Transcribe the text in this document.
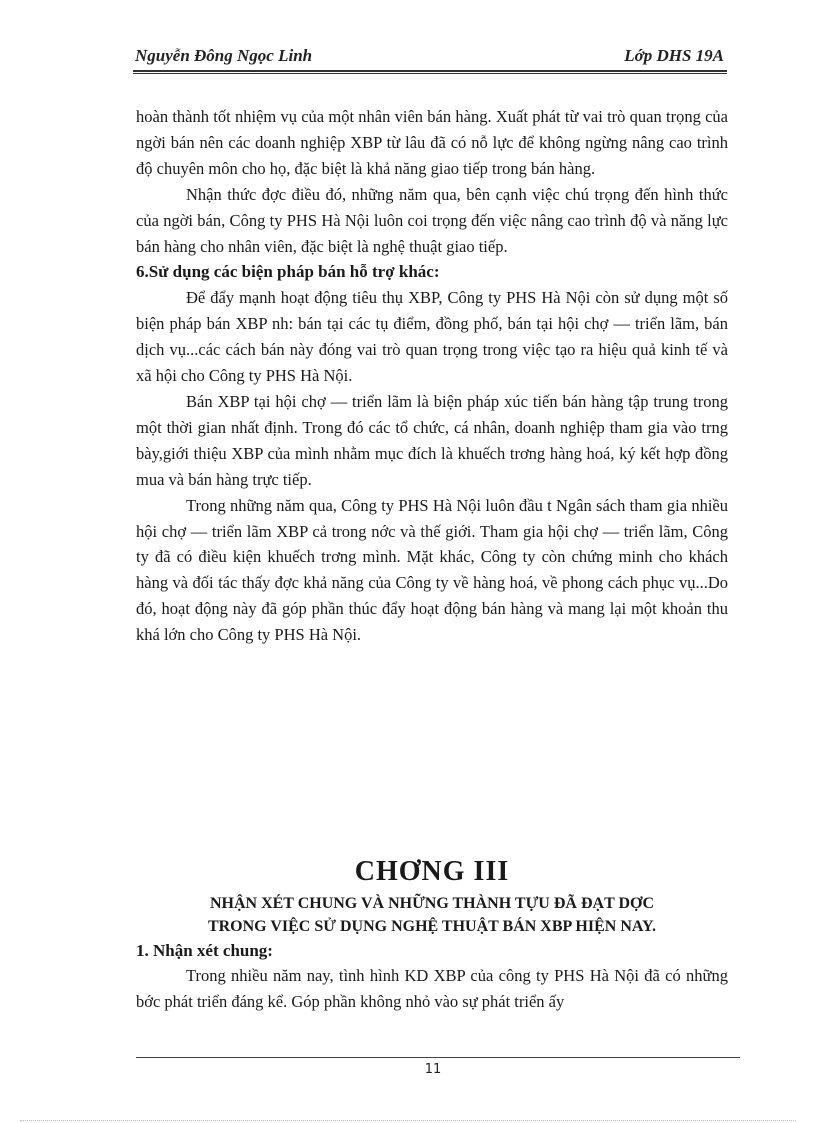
Nguyễn Đông Ngọc Linh	Lớp DHS 19A

hoàn thành tốt nhiệm vụ của một nhân viên bán hàng. Xuất phát từ vai trò quan trọng của ngời bán nên các doanh nghiệp XBP từ lâu đã có nỗ lực để không ngừng nâng cao trình độ chuyên môn cho họ, đặc biệt là khả năng giao tiếp trong bán hàng.

Nhận thức đợc điều đó, những năm qua, bên cạnh việc chú trọng đến hình thức của ngời bán, Công ty PHS Hà Nội luôn coi trọng đến việc nâng cao trình độ và năng lực bán hàng cho nhân viên, đặc biệt là nghệ thuật giao tiếp.

6.Sử dụng các biện pháp bán hỗ trợ khác:

Để đẩy mạnh hoạt động tiêu thụ XBP, Công ty PHS Hà Nội còn sử dụng một số biện pháp bán XBP nh: bán tại các tụ điểm, đồng phố, bán tại hội chợ — triển lãm, bán dịch vụ...các cách bán này đóng vai trò quan trọng trong việc tạo ra hiệu quả kinh tế và xã hội cho Công ty PHS Hà Nội.

Bán XBP tại hội chợ — triển lãm là biện pháp xúc tiến bán hàng tập trung trong một thời gian nhất định. Trong đó các tổ chức, cá nhân, doanh nghiệp tham gia vào trng bày,giới thiệu XBP của mình nhằm mục đích là khuếch trơng hàng hoá, ký kết hợp đồng mua và bán hàng trực tiếp.

Trong những năm qua, Công ty PHS Hà Nội luôn đầu t Ngân sách tham gia nhiều hội chợ — triển lãm XBP cả trong nớc và thế giới. Tham gia hội chợ — triển lãm, Công ty đã có điều kiện khuếch trơng mình. Mặt khác, Công ty còn chứng minh cho khách hàng và đối tác thấy đợc khả năng của Công ty về hàng hoá, về phong cách phục vụ...Do đó, hoạt động này đã góp phần thúc đẩy hoạt động bán hàng và mang lại một khoản thu khá lớn cho Công ty PHS Hà Nội.

CHƠNG III

NHẬN XÉT CHUNG VÀ NHỮNG THÀNH TỰU ĐÃ ĐẠT DỢC

TRONG VIỆC SỬ DỤNG NGHỆ THUẬT BÁN XBP HIỆN NAY.

1. Nhận xét chung:

Trong nhiều năm nay, tình hình KD XBP của công ty PHS Hà Nội đã có những bớc phát triển đáng kể. Góp phần không nhỏ vào sự phát triển ấy

11
